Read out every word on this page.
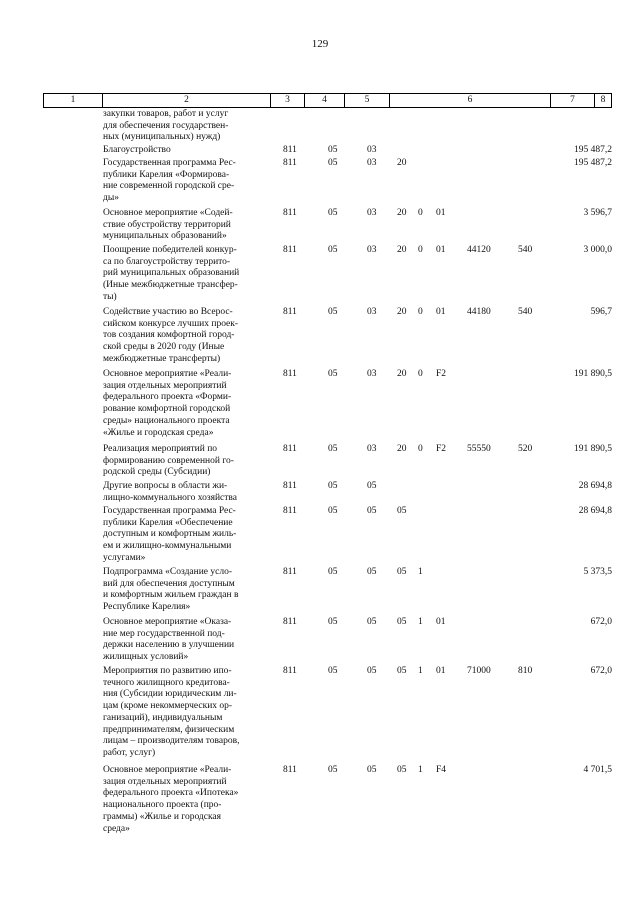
129
1	2	3	4	5	6	7	8
закупки товаров, работ и услуг
для обеспечения государствен-
ных (муниципальных) нужд)
Благоустройство	811	05	03	195 487,2
Государственная программа Рес-
публики Карелия «Формирова-
ние современной городской сре-
ды»
811	05	03 20	195 487,2
Основное мероприятие «Содей-
ствие обустройству территорий
муниципальных образований»
811	05	03 20 0 01	3 596,7
Поощрение победителей конкур-
са по благоустройству террито-
рий муниципальных образований
(Иные межбюджетные трансфер-
ты)
811	05	03 20 0 01 44120	540	3 000,0
Содействие участию во Всерос-
сийском конкурсе лучших проек-
тов создания комфортной город-
ской среды в 2020 году (Иные
межбюджетные трансферты)
811	05	03 20 0 01 44180	540	596,7
Основное мероприятие «Реали-
зация отдельных мероприятий
федерального проекта «Форми-
рование комфортной городской
среды» национального проекта
«Жилье и городская среда»
811	05	03 20 0 F2	191 890,5
Реализация мероприятий по
формированию современной го-
родской среды (Субсидии)
811	05	03 20 0 F2 55550	520	191 890,5
Другие вопросы в области жи-
лищно-коммунального хозяйства
811	05	05	28 694,8
Государственная программа Рес-
публики Карелия «Обеспечение
доступным и комфортным жиль-
ем и жилищно-коммунальными
услугами»
811	05	05 05	28 694,8
Подпрограмма «Создание усло-
вий для обеспечения доступным
и комфортным жильем граждан в
Республике Карелия»
811	05	05 05 1	5 373,5
Основное мероприятие «Оказа-
ние мер государственной под-
держки населению в улучшении
жилищных условий»
811	05	05 05 1 01	672,0
Мероприятия по развитию ипо-
течного жилищного кредитова-
ния (Субсидии юридическим ли-
цам (кроме некоммерческих ор-
ганизаций), индивидуальным
предпринимателям, физическим
лицам – производителям товаров,
работ, услуг)
811	05	05 05 1 01 71000	810	672,0
Основное мероприятие «Реали-
зация отдельных мероприятий
федерального проекта «Ипотека»
национального проекта (про-
граммы) «Жилье и городская
среда»
811	05	05 05 1 F4	4 701,5
